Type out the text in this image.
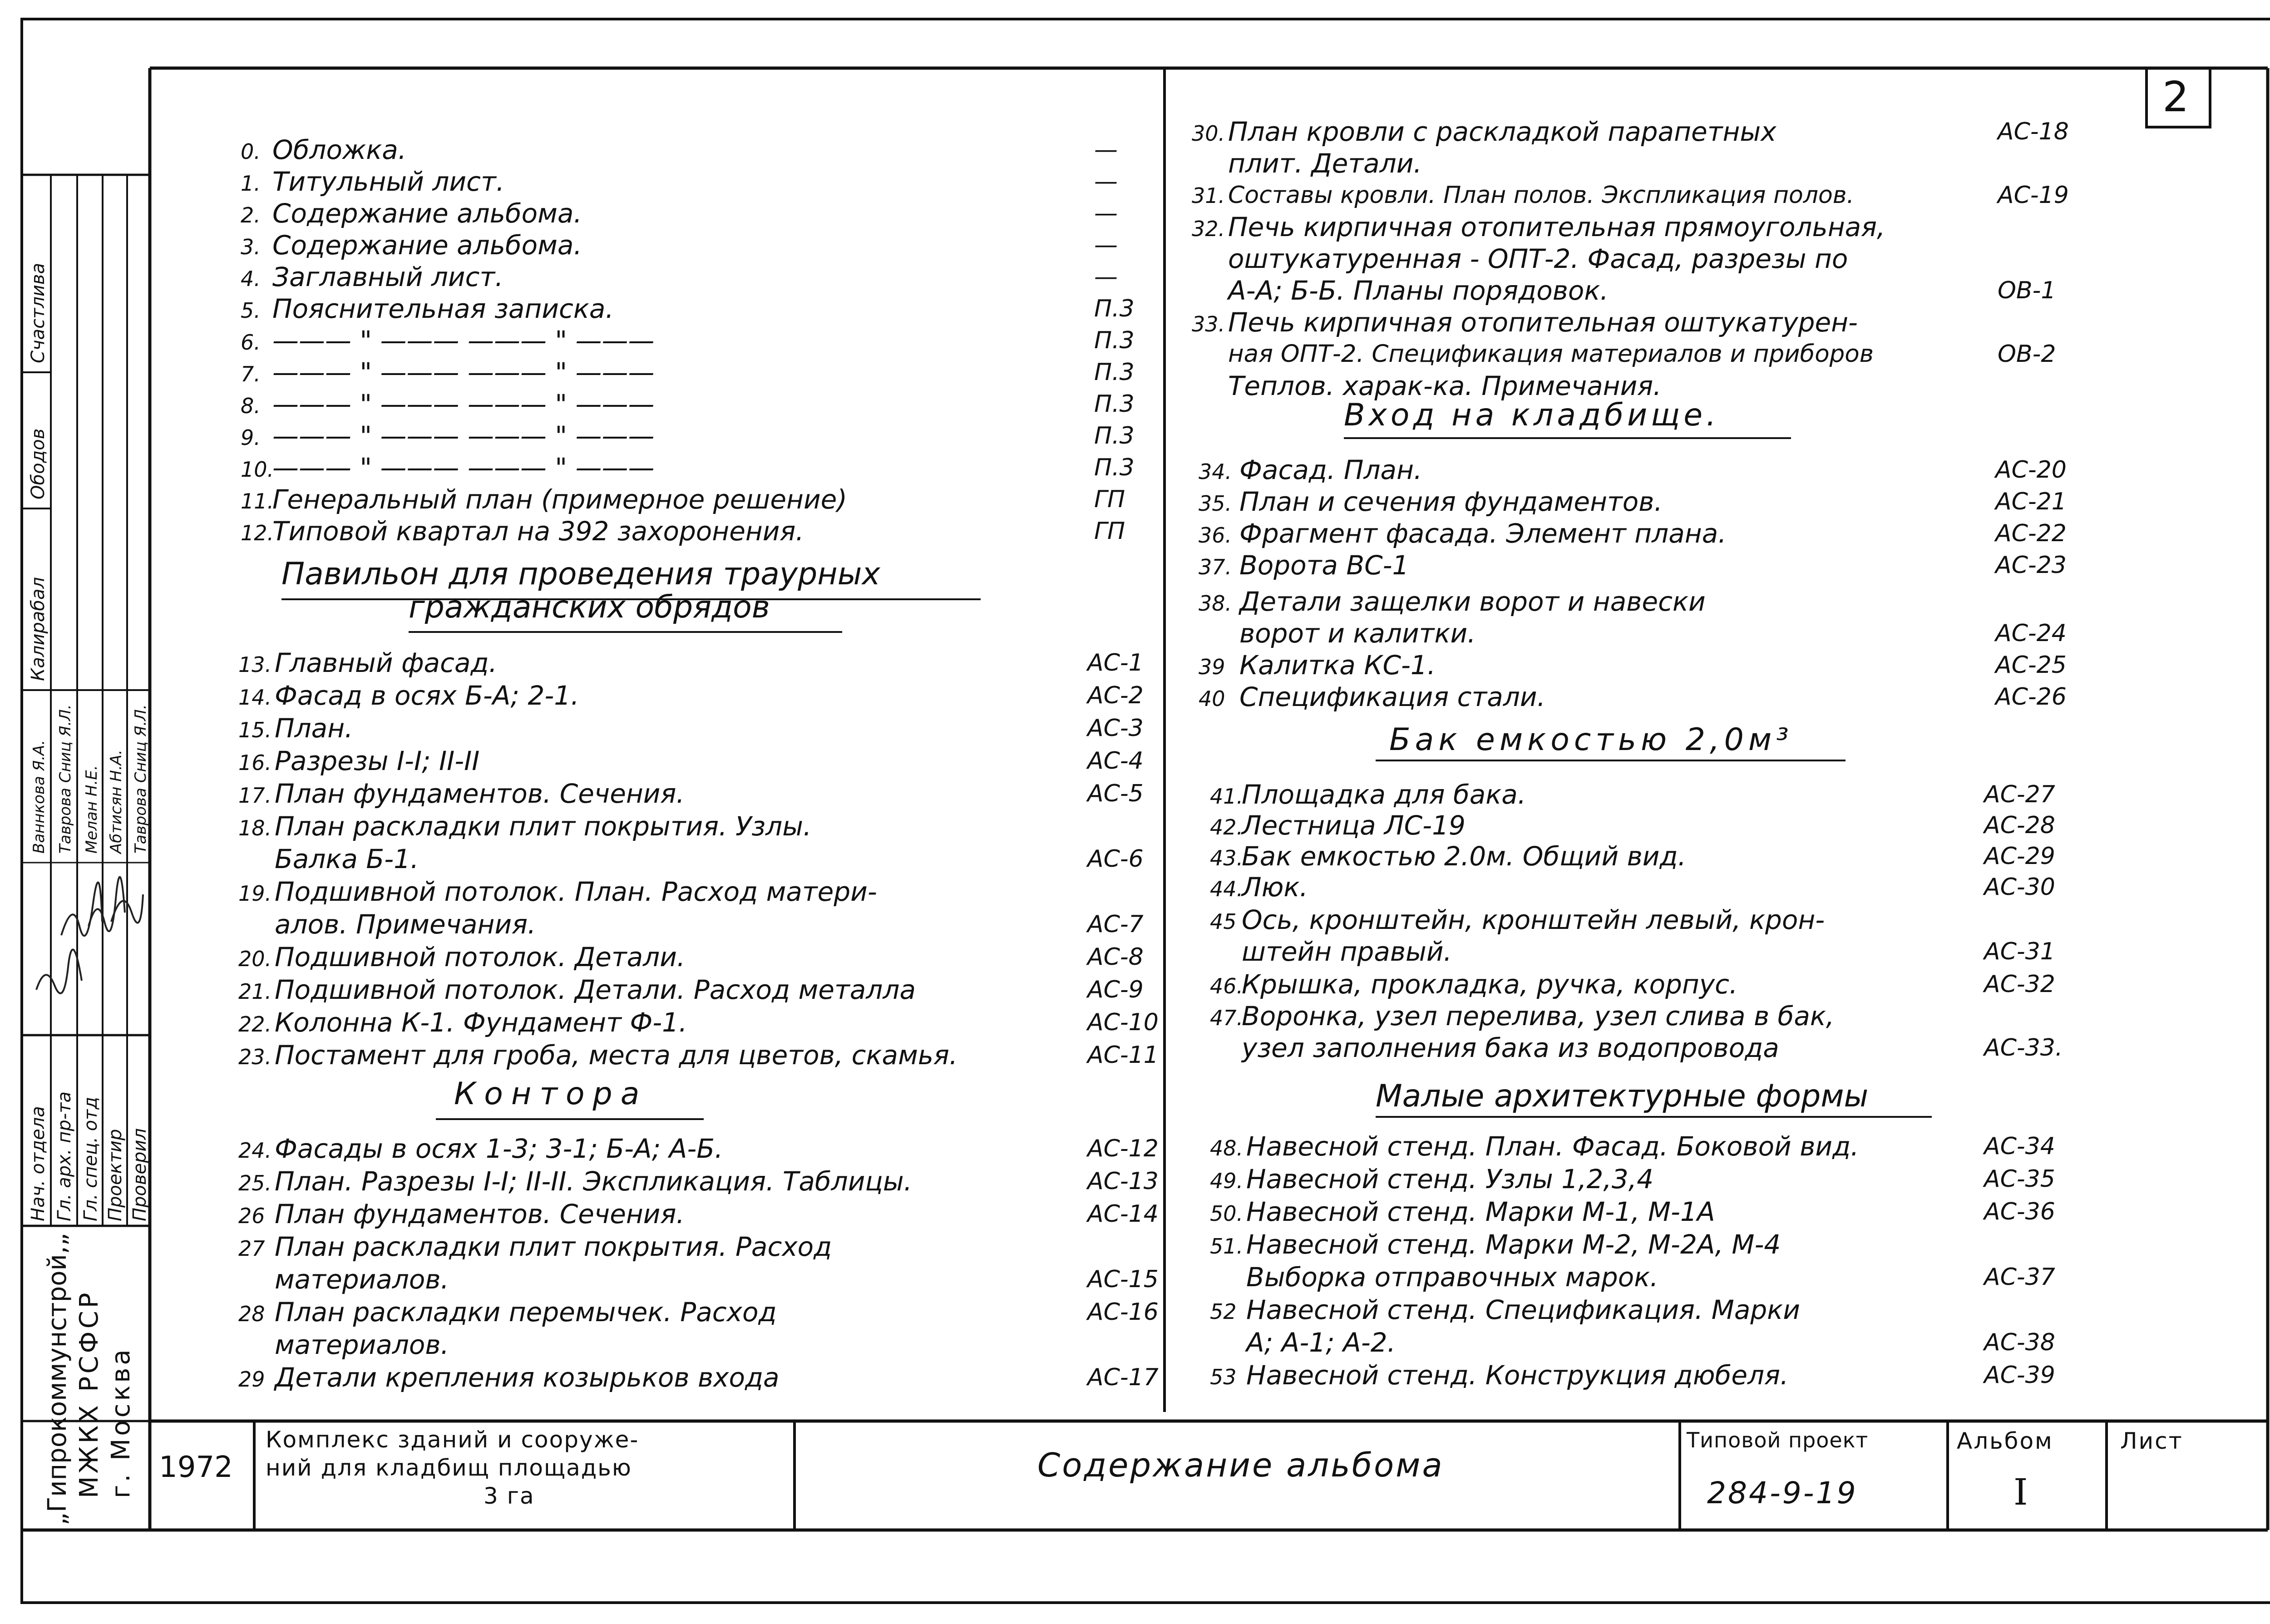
2
0. Обложка.
1. Титульный лист.
2. Содержание альбома.
3. Содержание альбома.
4. Заглавный лист.
5. Пояснительная записка.
6. ——— " ——— ——— " ———
7. ——— " ——— ——— " ———
8. ——— " ——— ——— " ———
9. ——— " ——— ——— " ———
10.——— " ——— ——— " ———
11.Генеральный план (примерное решение)
12.Типовой квартал на 392 захоронения.
—
—
—
—
—
П.3
П.3
П.3
П.3
П.3
П.3
ГП
ГП
Павильон для проведения траурных
гражданских обрядов
13. Главный фасад.
14. Фасад в осях Б-А; 2-1.
15. План.
16. Разрезы I-I; II-II
17. План фундаментов. Сечения.
18. План раскладки плит покрытия. Узлы.
Балка Б-1.
19. Подшивной потолок. План. Расход матери-
алов. Примечания.
20. Подшивной потолок. Детали.
21. Подшивной потолок. Детали. Расход металла
22. Колонна К-1. Фундамент Ф-1.
23. Постамент для гроба, места для цветов, скамья.
АС-1
АС-2
АС-3
АС-4
АС-5
АС-6
АС-7
АС-8
АС-9
АС-10
АС-11
Контора
24. Фасады в осях 1-3; 3-1; Б-А; А-Б.
25. План. Разрезы I-I; II-II. Экспликация. Таблицы.
26 План фундаментов. Сечения.
27 План раскладки плит покрытия. Расход
материалов.
28 План раскладки перемычек. Расход
материалов.
29 Детали крепления козырьков входа
АС-12
АС-13
АС-14
АС-15
АС-16
АС-17
30. План кровли с раскладкой парапетных
плит. Детали.
31. Составы кровли. План полов. Экспликация полов.
32. Печь кирпичная отопительная прямоугольная,
оштукатуренная - ОПТ-2. Фасад, разрезы по
А-А; Б-Б. Планы порядовок.
33. Печь кирпичная отопительная оштукатурен-
ная ОПТ-2. Спецификация материалов и приборов
Теплов. харак-ка. Примечания.
АС-18
АС-19
ОВ-1
ОВ-2
Вход на кладбище.
34. Фасад. План.
35. План и сечения фундаментов.
36. Фрагмент фасада. Элемент плана.
37. Ворота ВС-1
38. Детали защелки ворот и навески
ворот и калитки.
39 Калитка КС-1.
40 Спецификация стали.
АС-20
АС-21
АС-22
АС-23
АС-24
АС-25
АС-26
Бак емкостью 2,0м³
41.Площадка для бака.
42.Лестница ЛС-19
43.Бак емкостью 2.0м. Общий вид.
44.Люк.
45 Ось, кронштейн, кронштейн левый, крон-
штейн правый.
46.Крышка, прокладка, ручка, корпус.
47.Воронка, узел перелива, узел слива в бак,
узел заполнения бака из водопровода
АС-27
АС-28
АС-29
АС-30
АС-31
АС-32
АС-33.
Малые архитектурные формы
48. Навесной стенд. План. Фасад. Боковой вид.
49. Навесной стенд. Узлы 1,2,3,4
50. Навесной стенд. Марки М-1, М-1А
51. Навесной стенд. Марки М-2, М-2А, М-4
Выборка отправочных марок.
52 Навесной стенд. Спецификация. Марки
А; А-1; А-2.
53 Навесной стенд. Конструкция дюбеля.
АС-34
АС-35
АС-36
АС-37
АС-38
АС-39
Нач. отдела Гл. арх. пр-та Гл. спец. отд Проектир Проверил
Ваннкова Я.А. Таврова Сниц Я.Л. Мелан Н.Е. Абтисян Н.А. Таврова Сниц Я.Л.
Калирабал
Ободов
Счастлива
„Гипрокоммунстрой,„ МЖКХ РСФСР г. Москва 1972
Комплекс зданий и сооруже-
ний для кладбищ площадью
3 га
Содержание альбома
Типовой проект
284-9-19
Альбом
I
Лист
